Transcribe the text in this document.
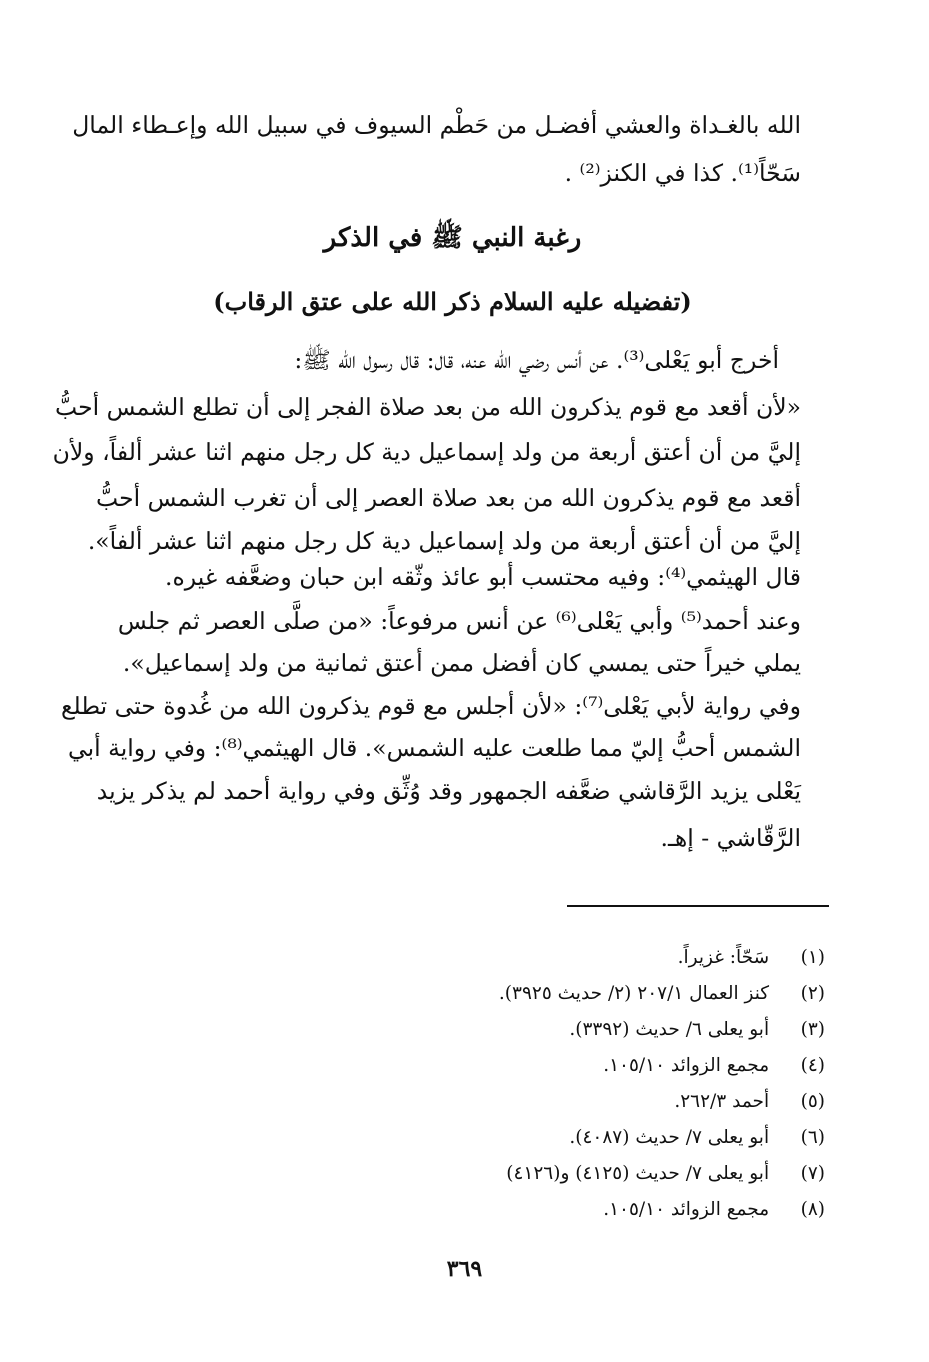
الله بالغـداة والعشي أفضـل من حَطْم السيوف في سبيل الله وإعـطاء المال
سَحّاً⁽¹⁾. كذا في الكنز⁽²⁾ .
رغبة النبي ﷺ في الذكر
(تفضيله عليه السلام ذكر الله على عتق الرقاب)
أخرج أبو يَعْلى⁽³⁾. عن أنس رضي الله عنه، قال: قال رسول الله ﷺ:
«لأن أقعد مع قوم يذكرون الله من بعد صلاة الفجر إلى أن تطلع الشمس أحبُّ
إليَّ من أن أعتق أربعة من ولد إسماعيل دية كل رجل منهم اثنا عشر ألفاً، ولأن
أقعد مع قوم يذكرون الله من بعد صلاة العصر إلى أن تغرب الشمس أحبُّ
إليَّ من أن أعتق أربعة من ولد إسماعيل دية كل رجل منهم اثنا عشر ألفاً».
قال الهيثمي⁽⁴⁾: وفيه محتسب أبو عائذ وثّقه ابن حبان وضعَّفه غيره.
وعند أحمد⁽⁵⁾ وأبي يَعْلى⁽⁶⁾ عن أنس مرفوعاً: «من صلَّى العصر ثم جلس
يملي خيراً حتى يمسي كان أفضل ممن أعتق ثمانية من ولد إسماعيل».
وفي رواية لأبي يَعْلى⁽⁷⁾: «لأن أجلس مع قوم يذكرون الله من غُدوة حتى تطلع
الشمس أحبُّ إليّ مما طلعت عليه الشمس». قال الهيثمي⁽⁸⁾: وفي رواية أبي
يَعْلى يزيد الرَّقاشي ضعَّفه الجمهور وقد وُثِّق وفي رواية أحمد لم يذكر يزيد
الرَّقّاشي - إهـ.
(١) سَحّاً: غزيراً.
(٢) كنز العمال ٢٠٧/١ (٢/ حديث ٣٩٢٥).
(٣) أبو يعلى ٦/ حديث (٣٣٩٢).
(٤) مجمع الزوائد ١٠٥/١٠.
(٥) أحمد ٢٦٢/٣.
(٦) أبو يعلى ٧/ حديث (٤٠٨٧).
(٧) أبو يعلى ٧/ حديث (٤١٢٥) و(٤١٢٦)
(٨) مجمع الزوائد ١٠٥/١٠.
٣٦٩
